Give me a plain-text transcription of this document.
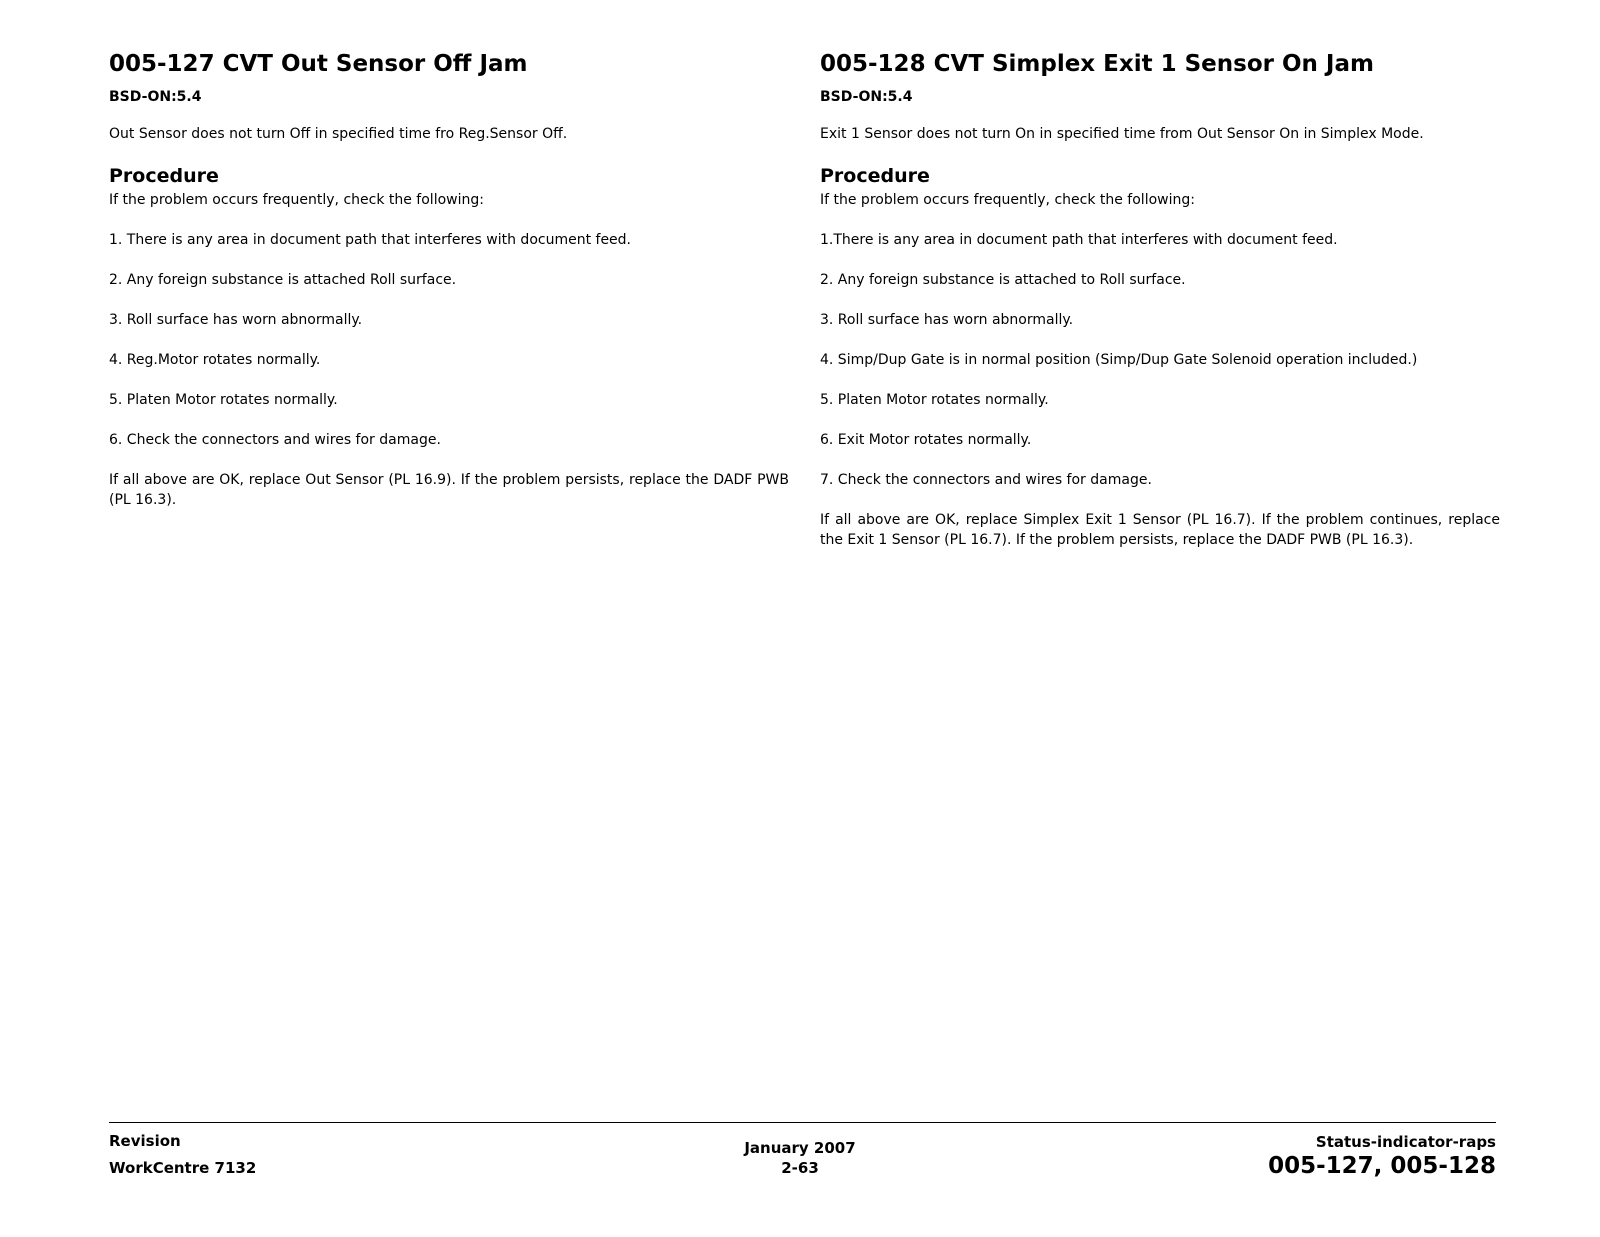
005-127 CVT Out Sensor Off Jam
BSD-ON:5.4

Out Sensor does not turn Off in specified time fro Reg.Sensor Off.

Procedure

If the problem occurs frequently, check the following:

1. There is any area in document path that interferes with document feed.

2. Any foreign substance is attached Roll surface.

3. Roll surface has worn abnormally.

4. Reg.Motor rotates normally.

5. Platen Motor rotates normally.

6. Check the connectors and wires for damage.

If all above are OK, replace Out Sensor (PL 16.9). If the problem persists, replace the DADF PWB (PL 16.3).

005-128 CVT Simplex Exit 1 Sensor On Jam
BSD-ON:5.4

Exit 1 Sensor does not turn On in specified time from Out Sensor On in Simplex Mode.

Procedure

If the problem occurs frequently, check the following:

1.There is any area in document path that interferes with document feed.

2. Any foreign substance is attached to Roll surface.

3. Roll surface has worn abnormally.

4. Simp/Dup Gate is in normal position (Simp/Dup Gate Solenoid operation included.)

5. Platen Motor rotates normally.

6. Exit Motor rotates normally.

7. Check the connectors and wires for damage.

If all above are OK, replace Simplex Exit 1 Sensor (PL 16.7). If the problem continues, replace the Exit 1 Sensor (PL 16.7). If the problem persists, replace the DADF PWB (PL 16.3).

Revision
WorkCentre 7132
January 2007
2-63
Status-indicator-raps
005-127, 005-128
